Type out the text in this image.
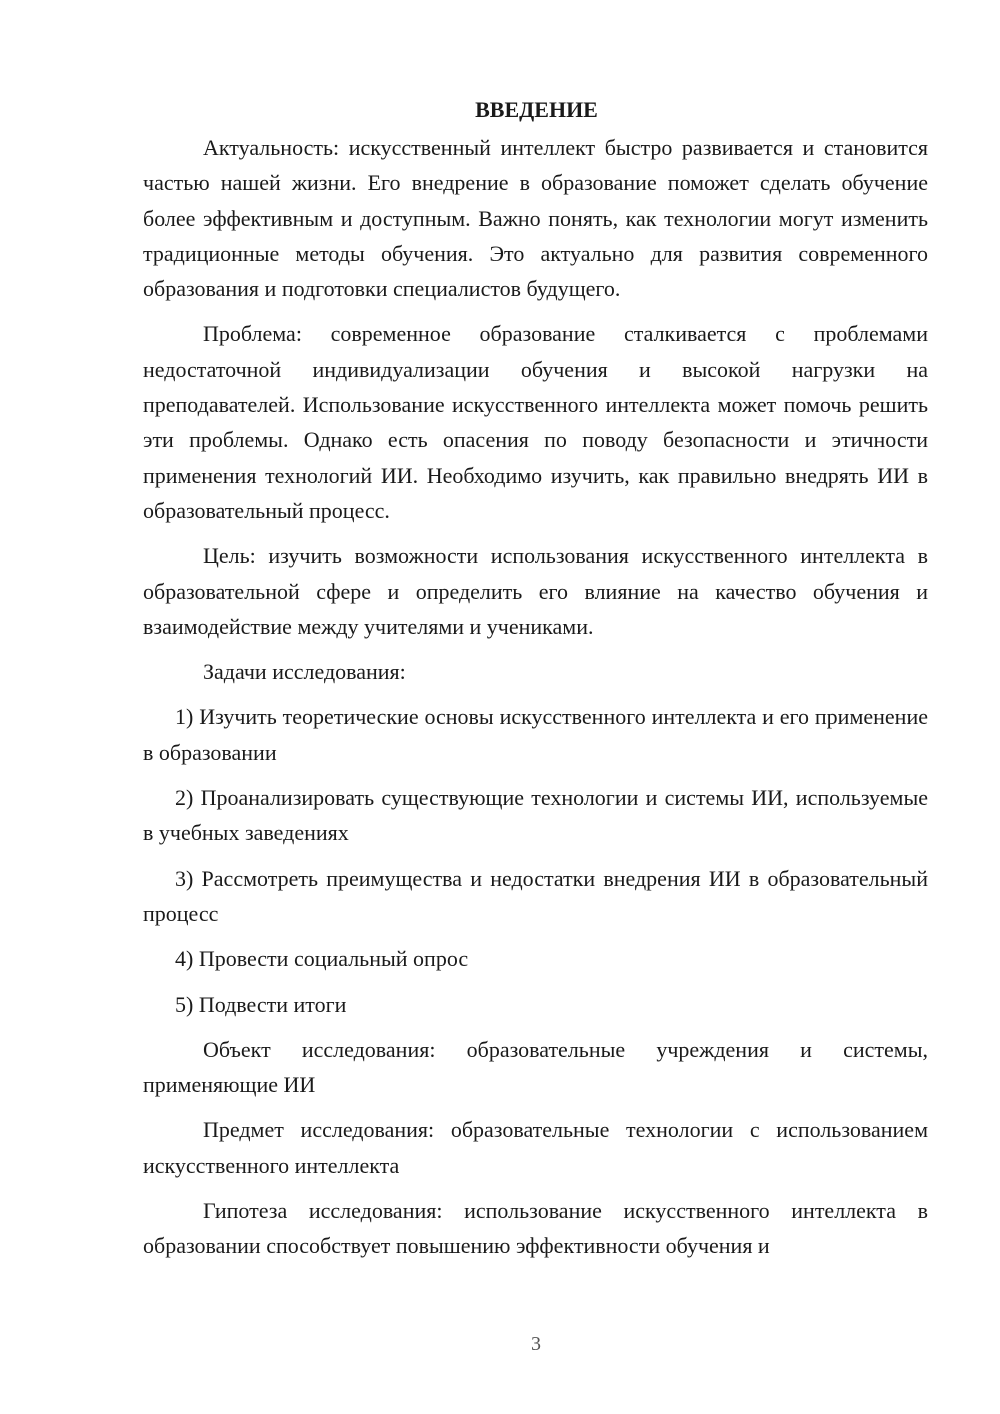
ВВЕДЕНИЕ

Актуальность: искусственный интеллект быстро развивается и становится частью нашей жизни. Его внедрение в образование поможет сделать обучение более эффективным и доступным. Важно понять, как технологии могут изменить традиционные методы обучения. Это актуально для развития современного образования и подготовки специалистов будущего.

Проблема: современное образование сталкивается с проблемами недостаточной индивидуализации обучения и высокой нагрузки на преподавателей. Использование искусственного интеллекта может помочь решить эти проблемы. Однако есть опасения по поводу безопасности и этичности применения технологий ИИ. Необходимо изучить, как правильно внедрять ИИ в образовательный процесс.

Цель: изучить возможности использования искусственного интеллекта в образовательной сфере и определить его влияние на качество обучения и взаимодействие между учителями и учениками.

Задачи исследования:

1) Изучить теоретические основы искусственного интеллекта и его применение в образовании

2) Проанализировать существующие технологии и системы ИИ, используемые в учебных заведениях

3) Рассмотреть преимущества и недостатки внедрения ИИ в образовательный процесс

4) Провести социальный опрос

5) Подвести итоги

Объект исследования: образовательные учреждения и системы, применяющие ИИ

Предмет исследования: образовательные технологии с использованием искусственного интеллекта

Гипотеза исследования: использование искусственного интеллекта в образовании способствует повышению эффективности обучения и

3
